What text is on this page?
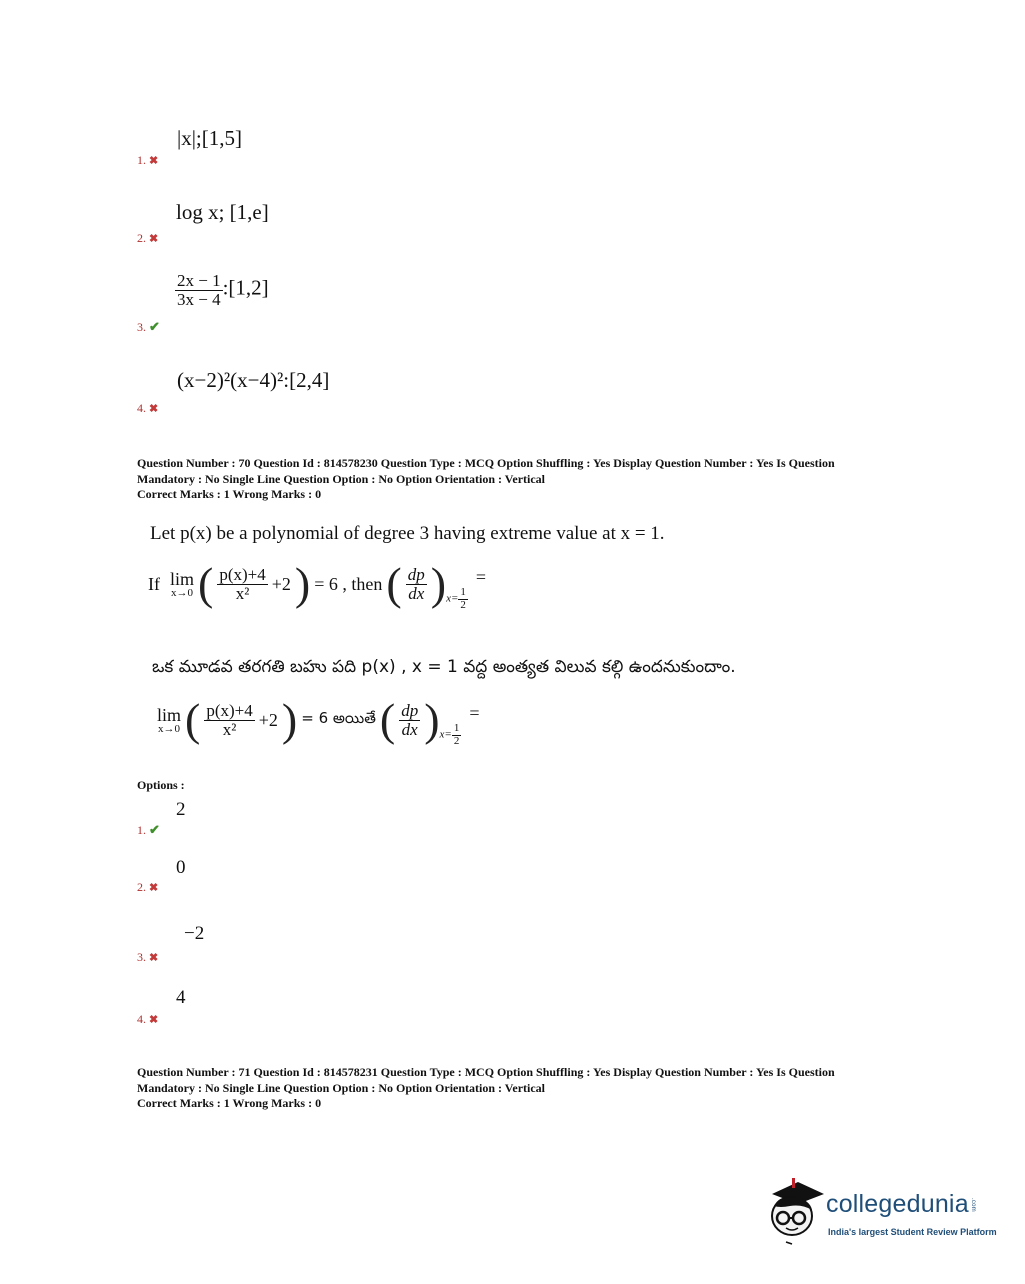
|x|;[1,5]
1. ✖
log x; [1,e]
2. ✖
$\frac{2x - 1}{3x - 4}$ :[1,2]
3. ✔
(x−2)²(x−4)²:[2,4]
4. ✖
Question Number : 70 Question Id : 814578230 Question Type : MCQ Option Shuffling : Yes Display Question Number : Yes Is Question
Mandatory : No Single Line Question Option : No Option Orientation : Vertical
Correct Marks : 1 Wrong Marks : 0
Let p(x) be a polynomial of degree 3 having extreme value at x = 1.
If lim
x→0 ( $\frac{p(x)+4}{\text{x²}} +2$ ) = 6 , then ( $\frac{dp}{dx}$ ) $x= \frac{1}{2}$
=
ఒక మూడవ తరగతి బహు పది p(x) , x = 1 వద్ద అంత్యత విలువ కల్గి ఉందనుకుందాం.
lim
x→0 ( $\frac{p(x)+4}{\text{x²}} +2$ ) = 6 అయితే ( $\frac{dp}{dx}$ ) $x= \frac{1}{2}$
=
Options :
2
1. ✔
0
2. ✖
−2
3. ✖
4
4. ✖
Question Number : 71 Question Id : 814578231 Question Type : MCQ Option Shuffling : Yes Display Question Number : Yes Is Question
Mandatory : No Single Line Question Option : No Option Orientation : Vertical
Correct Marks : 1 Wrong Marks : 0
collegedunia.com
India's largest Student Review Platform
